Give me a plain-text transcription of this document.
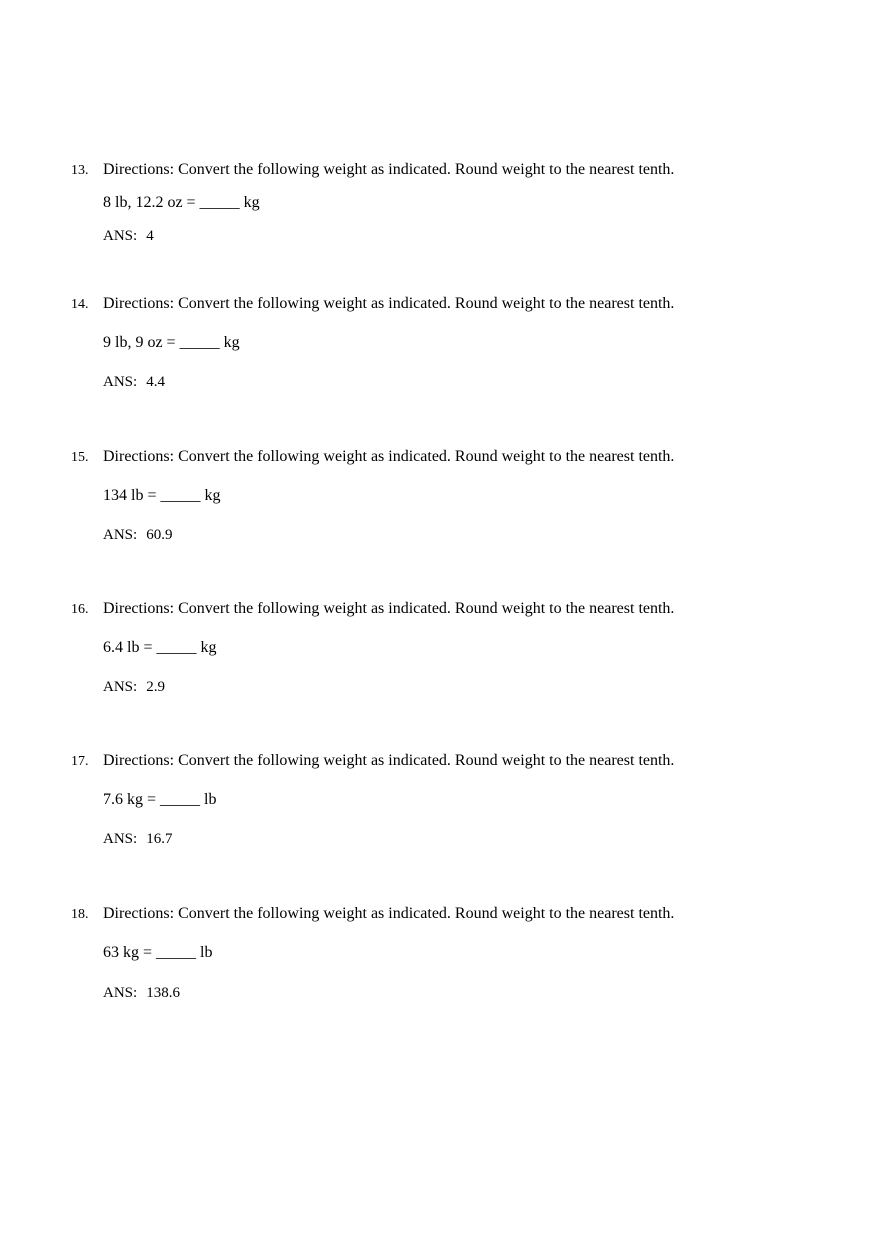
13. Directions: Convert the following weight as indicated. Round weight to the nearest tenth.
8 lb, 12.2 oz = _____ kg
ANS: 4
14. Directions: Convert the following weight as indicated. Round weight to the nearest tenth.
9 lb, 9 oz = _____ kg
ANS: 4.4
15. Directions: Convert the following weight as indicated. Round weight to the nearest tenth.
134 lb = _____ kg
ANS: 60.9
16. Directions: Convert the following weight as indicated. Round weight to the nearest tenth.
6.4 lb = _____ kg
ANS: 2.9
17. Directions: Convert the following weight as indicated. Round weight to the nearest tenth.
7.6 kg = _____ lb
ANS: 16.7
18. Directions: Convert the following weight as indicated. Round weight to the nearest tenth.
63 kg = _____ lb
ANS: 138.6
